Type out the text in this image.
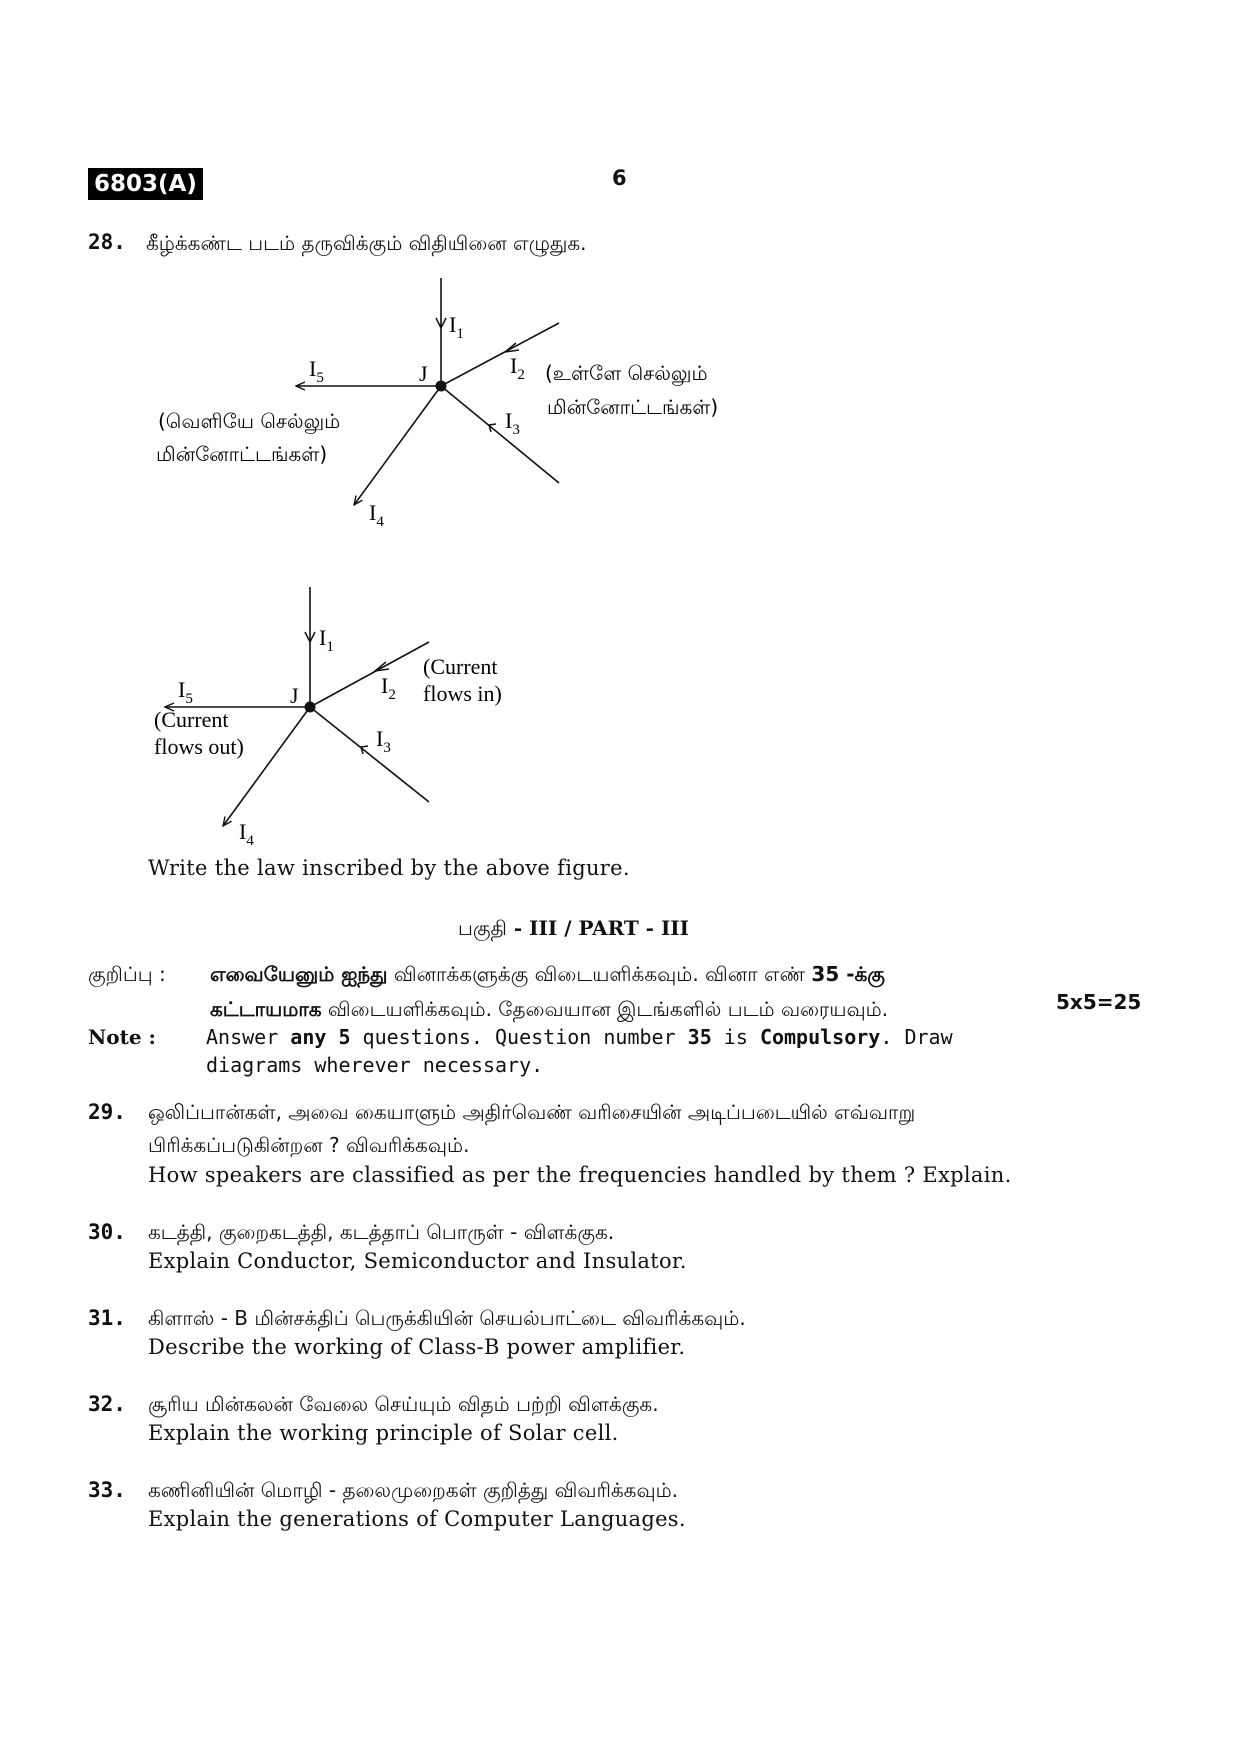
6803(A)	6
28. கீழ்க்கண்ட படம் தருவிக்கும் விதியினை எழுதுக.
$I_1$
$I_2$
$I_3$
$I_4$
$I_5$	J	(உள்ளே செல்லும்
மின்னோட்டங்கள்)
(வெளியே செல்லும்
மின்னோட்டங்கள்)
$I_1$
$I_2$
$I_3$
$I_4$
$I_5$	J
(Current
flows in)
(Current
flows out)
Write the law inscribed by the above figure.
பகுதி - III / PART - III
குறிப்பு : எவையேனும் ஐந்து வினாக்களுக்கு விடையளிக்கவும். வினா எண் 35 -க்கு
கட்டாயமாக விடையளிக்கவும். தேவையான இடங்களில் படம் வரையவும்.	5x5=25
Note :	Answer any 5 questions. Question number 35 is Compulsory. Draw
diagrams wherever necessary.
29. ஒலிப்பான்கள், அவை கையாளும் அதிர்வெண் வரிசையின் அடிப்படையில் எவ்வாறு
பிரிக்கப்படுகின்றன ? விவரிக்கவும்.
How speakers are classified as per the frequencies handled by them ? Explain.
30. கடத்தி, குறைகடத்தி, கடத்தாப் பொருள் - விளக்குக.
Explain Conductor, Semiconductor and Insulator.
31. கிளாஸ் - B மின்சக்திப் பெருக்கியின் செயல்பாட்டை விவரிக்கவும்.
Describe the working of Class-B power amplifier.
32. சூரிய மின்கலன் வேலை செய்யும் விதம் பற்றி விளக்குக.
Explain the working principle of Solar cell.
33. கணினியின் மொழி - தலைமுறைகள் குறித்து விவரிக்கவும்.
Explain the generations of Computer Languages.
